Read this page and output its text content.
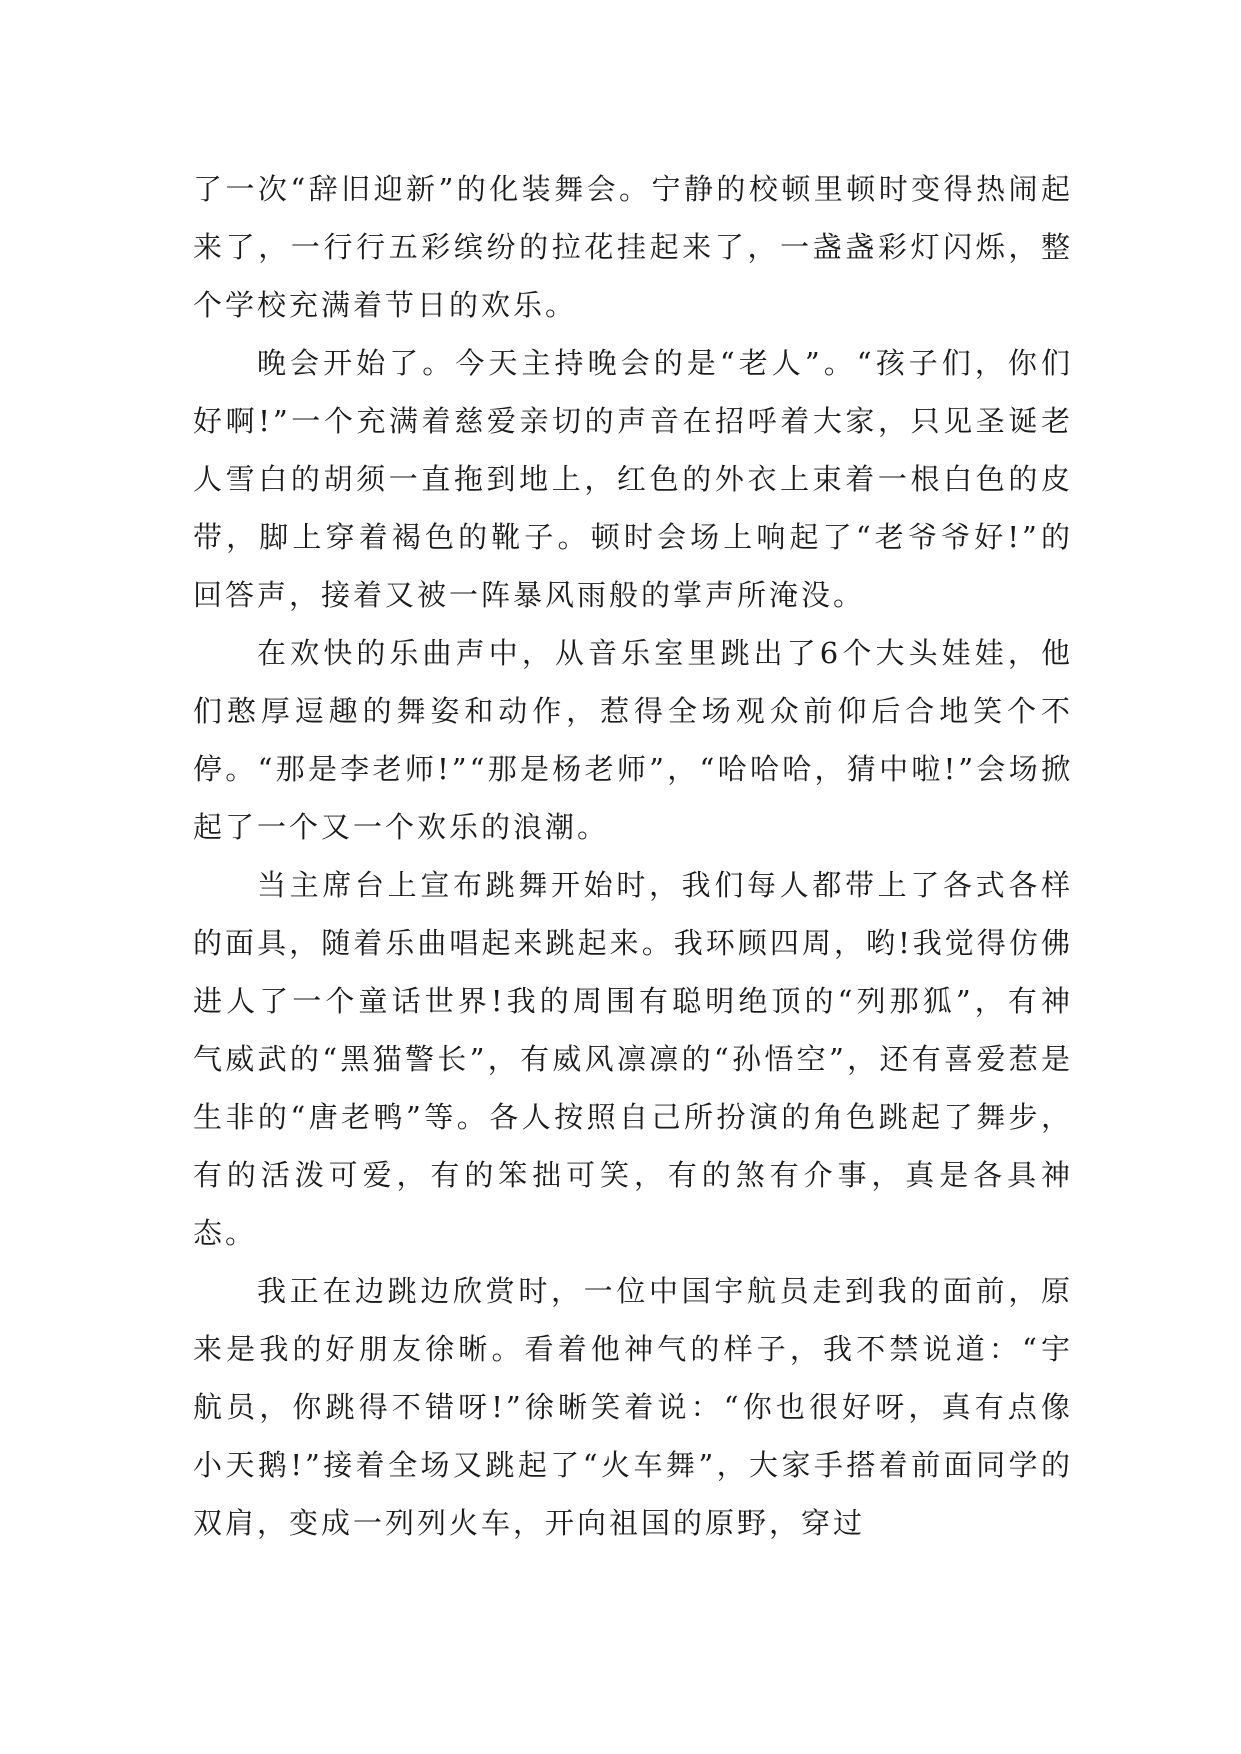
了一次“辞旧迎新”的化装舞会。宁静的校顿里顿时变得热闹起来了，一行行五彩缤纷的拉花挂起来了，一盏盏彩灯闪烁，整个学校充满着节日的欢乐。

晚会开始了。今天主持晚会的是“老人”。“孩子们，你们好啊!”一个充满着慈爱亲切的声音在招呼着大家，只见圣诞老人雪白的胡须一直拖到地上，红色的外衣上束着一根白色的皮带，脚上穿着褐色的靴子。顿时会场上响起了“老爷爷好!”的回答声，接着又被一阵暴风雨般的掌声所淹没。

在欢快的乐曲声中，从音乐室里跳出了6个大头娃娃，他们憨厚逗趣的舞姿和动作，惹得全场观众前仰后合地笑个不停。“那是李老师!”“那是杨老师”，“哈哈哈，猜中啦!”会场掀起了一个又一个欢乐的浪潮。

当主席台上宣布跳舞开始时，我们每人都带上了各式各样的面具，随着乐曲唱起来跳起来。我环顾四周，哟!我觉得仿佛进人了一个童话世界!我的周围有聪明绝顶的“列那狐”，有神气威武的“黑猫警长”，有威风凛凛的“孙悟空”，还有喜爱惹是生非的“唐老鸭”等。各人按照自己所扮演的角色跳起了舞步，有的活泼可爱，有的笨拙可笑，有的煞有介事，真是各具神态。

我正在边跳边欣赏时，一位中国宇航员走到我的面前，原来是我的好朋友徐晰。看着他神气的样子，我不禁说道：“宇航员，你跳得不错呀!”徐晰笑着说：“你也很好呀，真有点像小天鹅!”接着全场又跳起了“火车舞”，大家手搭着前面同学的双肩，变成一列列火车，开向祖国的原野，穿过
